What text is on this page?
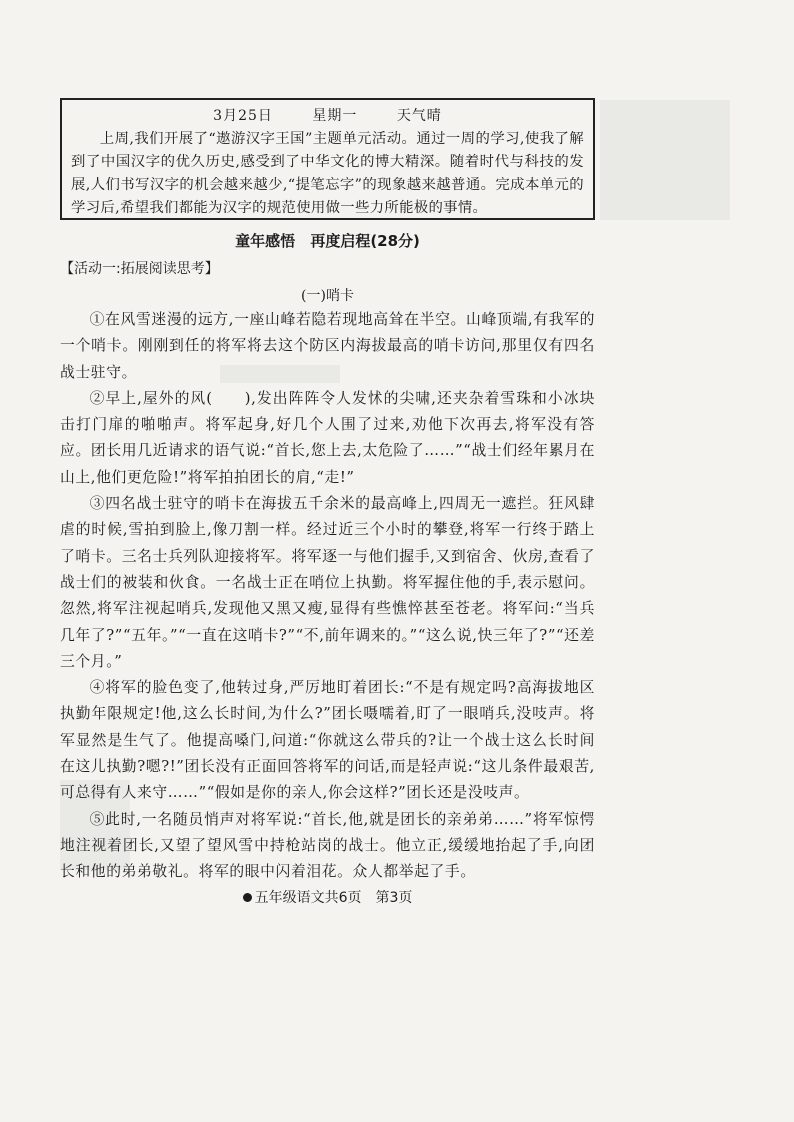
3月25日	星期一	天气晴
上周,我们开展了“遨游汉字王国”主题单元活动。通过一周的学习,使我了解到了中国汉字的优久历史,感受到了中华文化的博大精深。随着时代与科技的发展,人们书写汉字的机会越来越少,“提笔忘字”的现象越来越普通。完成本单元的学习后,希望我们都能为汉字的规范使用做一些力所能极的事情。
童年感悟 再度启程(28分)
【活动一:拓展阅读思考】
(一)哨卡

①在风雪迷漫的远方,一座山峰若隐若现地高耸在半空。山峰顶端,有我军的一个哨卡。刚刚到任的将军将去这个防区内海拔最高的哨卡访问,那里仅有四名战士驻守。

②早上,屋外的风(　　),发出阵阵令人发怵的尖啸,还夹杂着雪珠和小冰块击打门扉的啪啪声。将军起身,好几个人围了过来,劝他下次再去,将军没有答应。团长用几近请求的语气说:“首长,您上去,太危险了……”“战士们经年累月在山上,他们更危险!”将军拍拍团长的肩,“走!”

③四名战士驻守的哨卡在海拔五千余米的最高峰上,四周无一遮拦。狂风肆虐的时候,雪拍到脸上,像刀割一样。经过近三个小时的攀登,将军一行终于踏上了哨卡。三名士兵列队迎接将军。将军逐一与他们握手,又到宿舍、伙房,查看了战士们的被装和伙食。一名战士正在哨位上执勤。将军握住他的手,表示慰问。忽然,将军注视起哨兵,发现他又黑又瘦,显得有些憔悴甚至苍老。将军问:“当兵几年了?”“五年。”“一直在这哨卡?”“不,前年调来的。”“这么说,快三年了?”“还差三个月。”

④将军的脸色变了,他转过身,严厉地盯着团长:“不是有规定吗?高海拔地区执勤年限规定!他,这么长时间,为什么?”团长嗫嚅着,盯了一眼哨兵,没吱声。将军显然是生气了。他提高嗓门,问道:“你就这么带兵的?让一个战士这么长时间在这儿执勤?嗯?!”团长没有正面回答将军的问话,而是轻声说:“这儿条件最艰苦,可总得有人来守……”“假如是你的亲人,你会这样?”团长还是没吱声。

⑤此时,一名随员悄声对将军说:“首长,他,就是团长的亲弟弟……”将军惊愕地注视着团长,又望了望风雪中持枪站岗的战士。他立正,缓缓地抬起了手,向团长和他的弟弟敬礼。将军的眼中闪着泪花。众人都举起了手。

五年级语文共6页 第3页
